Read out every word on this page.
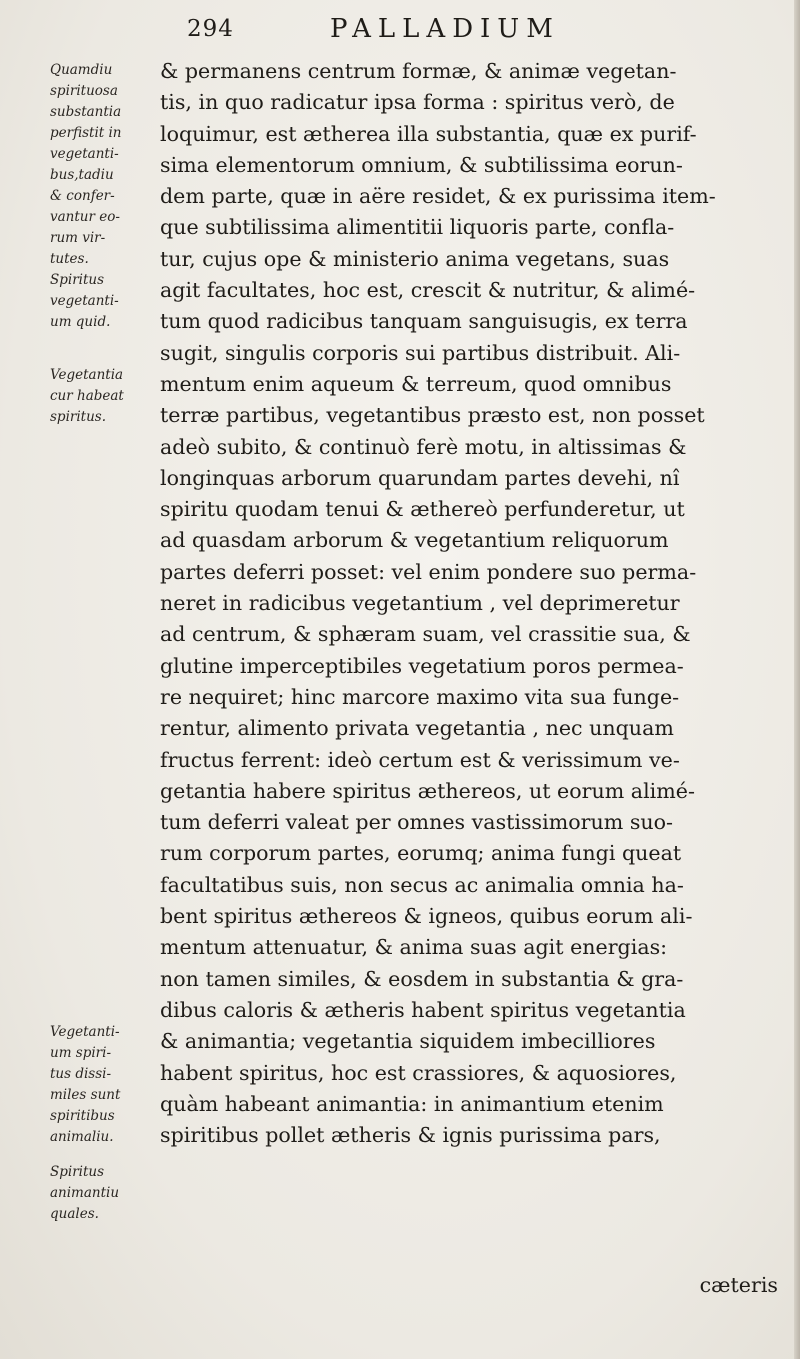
294	PALLADIUM
Quamdiu
spirituosa
substantia
perfistit in
vegetanti-
bus,tadiu
& confer-
vantur eo-
rum vir-
tutes.
Spiritus
vegetanti-
um quid.
Vegetantia
cur habeat
spiritus.
Vegetanti-
um spiri-
tus dissi-
miles sunt
spiritibus
animaliu.
Spiritus
animantiu
quales.
& permanens centrum formæ, & animæ vegetan-
tis, in quo radicatur ipsa forma : spiritus verò, de
loquimur, est ætherea illa substantia, quæ ex purif-
sima elementorum omnium, & subtilissima eorun-
dem parte, quæ in aëre residet, & ex purissima item-
que subtilissima alimentitii liquoris parte, confla-
tur, cujus ope & ministerio anima vegetans, suas
agit facultates, hoc est, crescit & nutritur, & alimé-
tum quod radicibus tanquam sanguisugis, ex terra
sugit, singulis corporis sui partibus distribuit. Ali-
mentum enim aqueum & terreum, quod omnibus
terræ partibus, vegetantibus præsto est, non posset
adeò subito, & continuò ferè motu, in altissimas &
longinquas arborum quarundam partes devehi, nî
spiritu quodam tenui & æthereò perfunderetur, ut
ad quasdam arborum & vegetantium reliquorum
partes deferri posset: vel enim pondere suo perma-
neret in radicibus vegetantium , vel deprimeretur
ad centrum, & sphæram suam, vel crassitie sua, &
glutine imperceptibiles vegetatium poros permea-
re nequiret; hinc marcore maximo vita sua funge-
rentur, alimento privata vegetantia , nec unquam
fructus ferrent: ideò certum est & verissimum ve-
getantia habere spiritus æthereos, ut eorum alimé-
tum deferri valeat per omnes vastissimorum suo-
rum corporum partes, eorumq; anima fungi queat
facultatibus suis, non secus ac animalia omnia ha-
bent spiritus æthereos & igneos, quibus eorum ali-
mentum attenuatur, & anima suas agit energias:
non tamen similes, & eosdem in substantia & gra-
dibus caloris & ætheris habent spiritus vegetantia
& animantia; vegetantia siquidem imbecilliores
habent spiritus, hoc est crassiores, & aquosiores,
quàm habeant animantia: in animantium etenim
spiritibus pollet ætheris & ignis purissima pars,
cæteris
